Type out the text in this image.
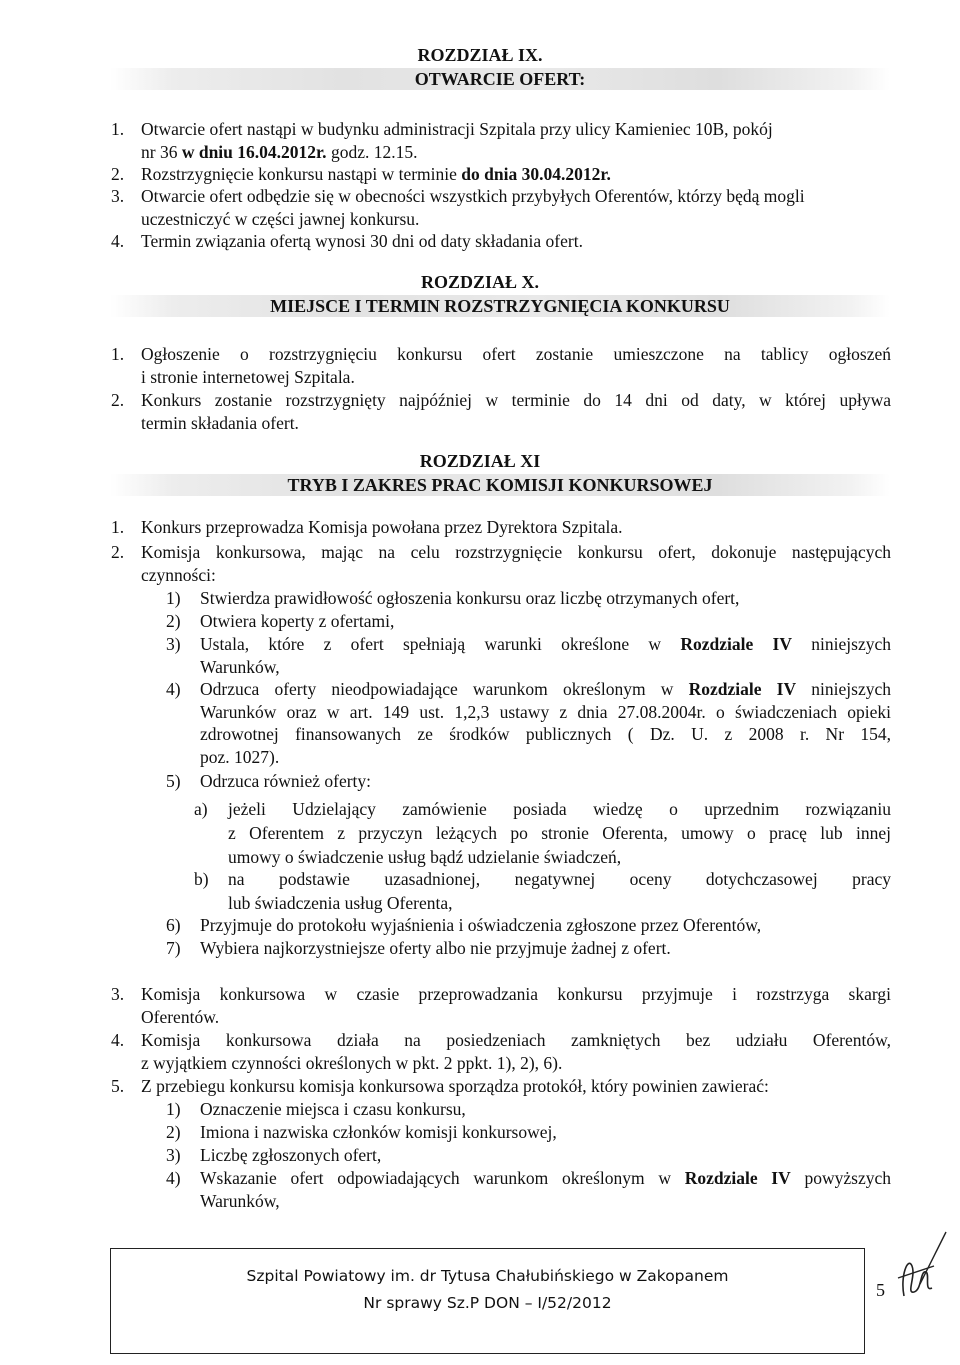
ROZDZIAŁ IX.
OTWARCIE OFERT:
1. Otwarcie ofert nastąpi w budynku administracji Szpitala przy ulicy Kamieniec 10B, pokój
nr 36 w dniu 16.04.2012r. godz. 12.15.
2. Rozstrzygnięcie konkursu nastąpi w terminie do dnia 30.04.2012r.
3. Otwarcie ofert odbędzie się w obecności wszystkich przybyłych Oferentów, którzy będą mogli
uczestniczyć w części jawnej konkursu.
4. Termin związania ofertą wynosi 30 dni od daty składania ofert.
ROZDZIAŁ X.
MIEJSCE I TERMIN ROZSTRZYGNIĘCIA KONKURSU
1. Ogłoszenie o rozstrzygnięciu konkursu ofert zostanie umieszczone na tablicy ogłoszeń
i stronie internetowej Szpitala.
2. Konkurs zostanie rozstrzygnięty najpóźniej w terminie do 14 dni od daty, w której upływa
termin składania ofert.
ROZDZIAŁ XI
TRYB I ZAKRES PRAC KOMISJI KONKURSOWEJ
1. Konkurs przeprowadza Komisja powołana przez Dyrektora Szpitala.
2. Komisja konkursowa, mając na celu rozstrzygnięcie konkursu ofert, dokonuje następujących
czynności:
1) Stwierdza prawidłowość ogłoszenia konkursu oraz liczbę otrzymanych ofert,
2) Otwiera koperty z ofertami,
3) Ustala, które z ofert spełniają warunki określone w Rozdziale IV niniejszych
Warunków,
4) Odrzuca oferty nieodpowiadające warunkom określonym w Rozdziale IV niniejszych
Warunków oraz w art. 149 ust. 1,2,3 ustawy z dnia 27.08.2004r. o świadczeniach opieki
zdrowotnej finansowanych ze środków publicznych ( Dz. U. z 2008 r. Nr 154,
poz. 1027).
5) Odrzuca również oferty:
a) jeżeli Udzielający zamówienie posiada wiedzę o uprzednim rozwiązaniu
z Oferentem z przyczyn leżących po stronie Oferenta, umowy o pracę lub innej
umowy o świadczenie usług bądź udzielanie świadczeń,
b) na podstawie uzasadnionej, negatywnej oceny dotychczasowej pracy
lub świadczenia usług Oferenta,
6) Przyjmuje do protokołu wyjaśnienia i oświadczenia zgłoszone przez Oferentów,
7) Wybiera najkorzystniejsze oferty albo nie przyjmuje żadnej z ofert.
3. Komisja konkursowa w czasie przeprowadzania konkursu przyjmuje i rozstrzyga skargi
Oferentów.
4. Komisja konkursowa działa na posiedzeniach zamkniętych bez udziału Oferentów,
z wyjątkiem czynności określonych w pkt. 2 ppkt. 1), 2), 6).
5. Z przebiegu konkursu komisja konkursowa sporządza protokół, który powinien zawierać:
1) Oznaczenie miejsca i czasu konkursu,
2) Imiona i nazwiska członków komisji konkursowej,
3) Liczbę zgłoszonych ofert,
4) Wskazanie ofert odpowiadających warunkom określonym w Rozdziale IV powyższych
Warunków,
Szpital Powiatowy im. dr Tytusa Chałubińskiego w Zakopanem
Nr sprawy Sz.P DON – I/52/2012
5
